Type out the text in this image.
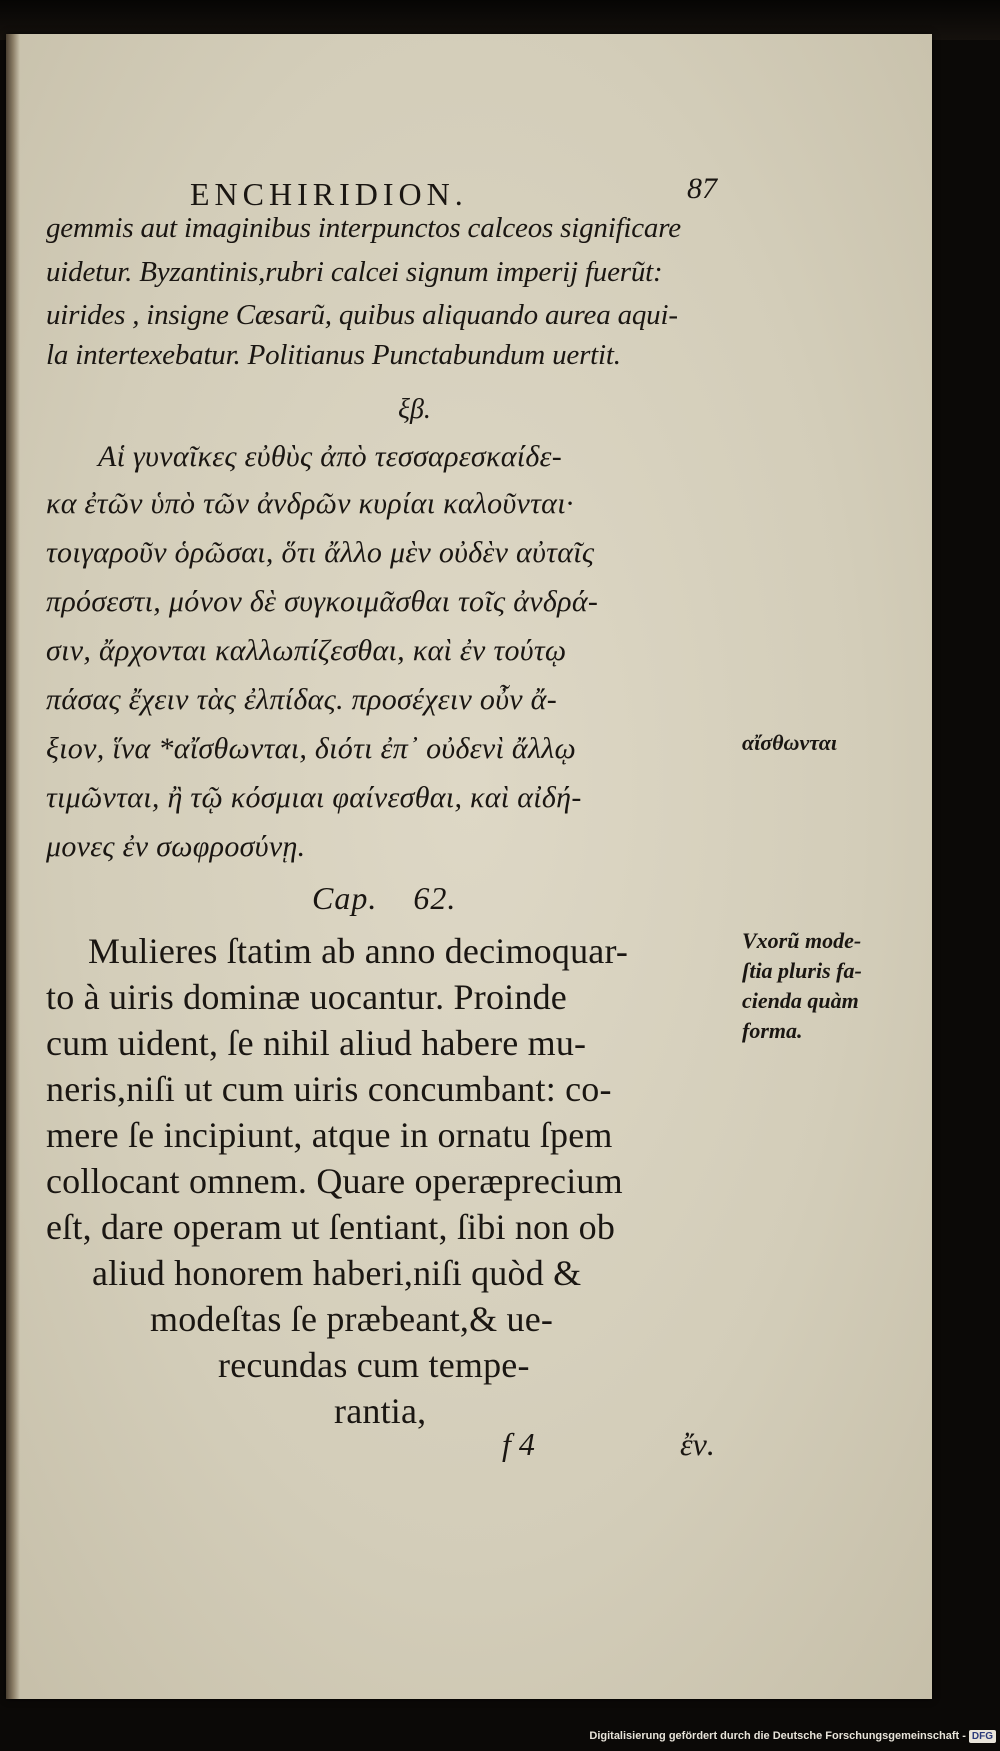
ENCHIRIDION.	87
gemmis aut imaginibus interpunctos calceos significare
uidetur. Byzantinis,rubri calcei signum imperij fuerũt:
uirides , insigne Cæsarũ, quibus aliquando aurea aqui-
la intertexebatur. Politianus Punctabundum uertit.
ξβ.
Αἱ γυναῖκες εὐθὺς ἀπὸ τεσσαρεσκαίδε-
κα ἐτῶν ὑπὸ τῶν ἀνδρῶν κυρίαι καλοῦνται·
τοιγαροῦν ὁρῶσαι, ὅτι ἄλλο μὲν οὐδὲν αὐταῖς
πρόσεστι, μόνον δὲ συγκοιμᾶσθαι τοῖς ἀνδρά-
σιν, ἄρχονται καλλωπίζεσθαι, καὶ ἐν τούτῳ
πάσας ἔχειν τὰς ἐλπίδας. προσέχειν οὖν ἄ-
ξιον, ἵνα *αἴσθωνται, διότι ἐπ᾽ οὐδενὶ ἄλλῳ
τιμῶνται, ἢ τῷ κόσμιαι φαίνεσθαι, καὶ αἰδή-
μονες ἐν σωφροσύνῃ.
αἴσθωνται
Cap. 62.
Mulieres ſtatim ab anno decimoquar-
to à uiris dominæ uocantur. Proinde
cum uident, ſe nihil aliud habere mu-
neris,niſi ut cum uiris concumbant: co-
mere ſe incipiunt, atque in ornatu ſpem
collocant omnem. Quare operæprecium
eſt, dare operam ut ſentiant, ſibi non ob
aliud honorem haberi,niſi quòd &
modeſtas ſe præbeant,& ue-
recundas cum tempe-
rantia,
Vxorũ mode-
ſtia pluris fa-
cienda quàm
forma.
f 4	ἔν.
Digitalisierung gefördert durch die Deutsche Forschungsgemeinschaft - DFG
